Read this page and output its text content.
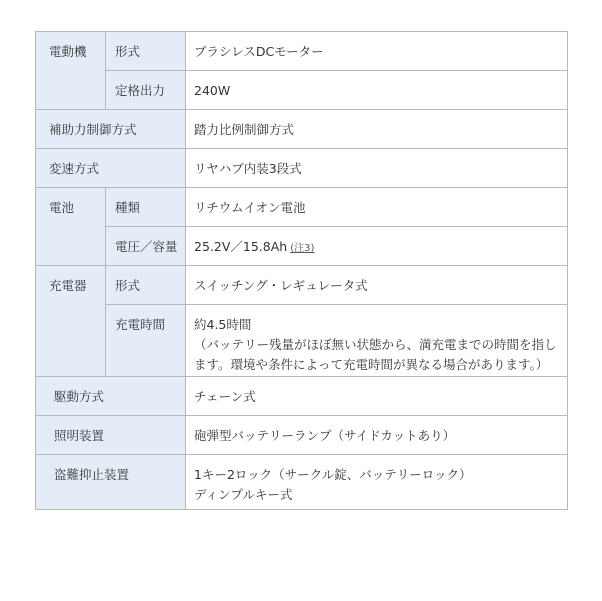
電動機	形式	ブラシレスDCモーター
	定格出力	240W
補助力制御方式		踏力比例制御方式
変速方式		リヤハブ内装3段式
電池	種類	リチウムイオン電池
	電圧／容量	25.2V／15.8Ah (注3)
充電器	形式	スイッチング・レギュレータ式
	充電時間	約4.5時間
（バッテリー残量がほぼ無い状態から、満充電までの時間を指し
ます。環境や条件によって充電時間が異なる場合があります。）

駆動方式		チェーン式
照明装置		砲弾型バッテリーランプ（サイドカットあり）
盗難抑止装置		1キー2ロック（サークル錠、バッテリーロック）
ディンプルキー式
